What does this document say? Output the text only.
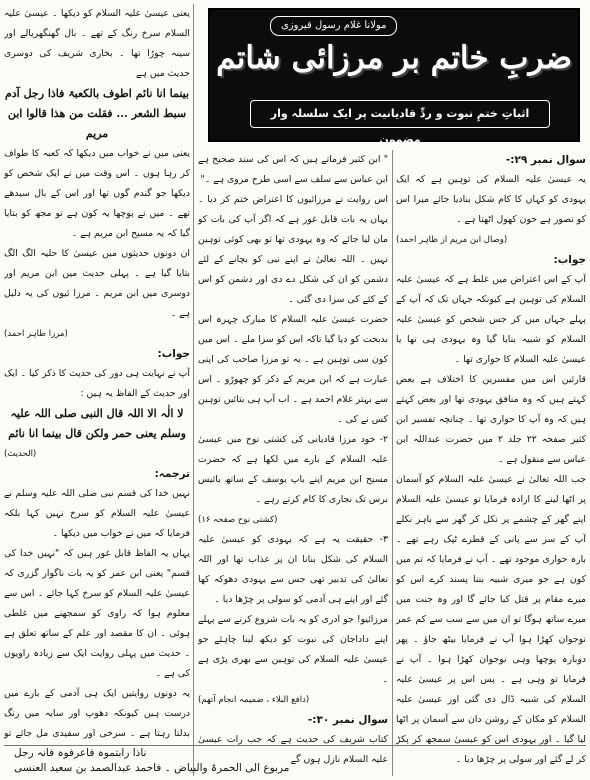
مولانا غلام رسول قیروزی
ضربِ خاتم بر مرزائی شاتم
اثباتِ ختمِ نبوت و ردِّ قادیانیت پر ایک سلسلہ وار مضمون

سوال نمبر ۲۹:-

یہ عیسیٰ علیہ السلام کی توہین ہے کہ ایک یہودی کو کہاں کا کام شکل بنادیا جائے میرا اس کو تصور ہے خون کھول اٹھتا ہے ۔

(وصال ابن مریم از ظاہر احمد)

جواب:

آپ کے اس اعتراض میں غلط ہے کہ عیسیٰ علیہ السلام کی توہین ہے کیونکہ جہاں تک کہ آپ کے پہلے جہاں میں کر جس شخص کو عیسیٰ علیہ السلام کو شبیہ بنایا گیا وہ یہودی ہی تھا یا عیسیٰ علیہ السلام کا حواری تھا ۔

قارئین اس میں مفسرین کا اختلاف ہے بعض کہتے ہیں کہ وہ منافق یہودی تھا اور بعض کہتے ہیں کہ وہ آپ کا حواری تھا ۔ چنانچہ تفسیر ابن کثیر صفحہ ۲۲ جلد ۲ میں حضرت عبداللہ ابن عباس سے منقول ہے ۔

جب اللہ تعالیٰ نے عیسیٰ علیہ السلام کو آسمان پر اٹھا لینے کا ارادہ فرمایا تو عیسیٰ علیہ السلام اپنے گھر کے چشمے پر نکل کر گھر سے باہر نکلے آپ کے سر سے پانی کے قطرے ٹپک رہے تھے ۔ بارہ حواری موجود تھے ۔ آپ نے فرمایا کہ تم میں کون ہے جو میری شبیہ بننا پسند کرے اس کو میرے مقام پر قتل کیا جائے گا اور وہ جنت میں میرے ساتھ ہوگا تو ان میں سے سب سے کم عمر نوجوان کھڑا ہوا آپ نے فرمایا بیٹھ جاؤ ۔ پھر دوبارہ پوچھا وہی نوجوان کھڑا ہوا ۔ آپ نے فرمایا تو وہی ہے ۔ پس اس پر عیسیٰ علیہ السلام کی شبیہ ڈال دی گئی اور عیسیٰ علیہ السلام کو مکان کے روشن دان سے آسمان پر اٹھا لیا گیا ۔ اور یہودی اس کو عیسیٰ سمجھ کر پکڑ کر لے گئے اور سولی پر چڑھا دیا ۔

" ابن کثیر فرماتے ہیں کہ اس کی سند صحیح ہے ابن عباس سے سلف سے اسی طرح مروی ہے ۔"

اس روایت نے مرزائیوں کا اعتراض ختم کر دیا ۔ یہاں یہ بات قابل غور ہے کہ اگر آپ کی بات کو مان لیا جائے کہ وہ یہودی تھا تو بھی کوئی توہین نہیں ۔ اللہ تعالیٰ نے اپنے نبی کو بچانے کے لئے دشمن کو ان کی شکل دے دی اور دشمن کو اس کے کئے کی سزا دی گئی ۔

حضرت عیسیٰ علیہ السلام کا مبارک چہرہ اس بدبخت کو دیا گیا تاکہ اس کو سزا ملے ۔ اس میں کون سی توہین ہے ۔ یہ تو مرزا صاحب کی اپنی عبارت ہے کہ ابن مریم کے ذکر کو چھوڑو ۔ اس سے بہتر غلام احمد ہے ۔ اب آپ ہی بتائیں توہین کس نے کی ۔

۲- خود مرزا قادیانی کی کشتی نوح میں عیسیٰ علیہ السلام کے بارے میں لکھا ہے کہ حضرت مسیح ابن مریم اپنے باپ یوسف کے ساتھ بائیس برس تک نجاری کا کام کرتے رہے ۔

(کشتی نوح صفحہ ۱۶)

۳- حقیقت یہ ہے کہ یہودی کو عیسیٰ علیہ السلام کی شکل بنانا ان پر عذاب تھا اور اللہ تعالیٰ کی تدبیر تھی جس سے یہودی دھوکہ کھا گئے اور اپنے ہی آدمی کو سولی پر چڑھا دیا ۔

مرزائیو! جو ادری کو یہ بات شروع کرنے سے پہلے اپنے داداجان کی نبوت کو دیکھ لینا چاہئے جو عیسیٰ علیہ السلام کی توہین سے بھری پڑی ہے ۔

(دافع البلاء ، ضمیمہ انجام آتھم)

سوال نمبر ۳۰:-

کتاب شریف کی حدیث ہے کہ جب رات عیسیٰ علیہ السلام نازل ہوں گے

یعنی عیسیٰ علیہ السلام کو دیکھا ۔ عیسیٰ علیہ السلام سرخ رنگ کے تھے ۔ بال گھنگھریالے اور سینہ چوڑا تھا ۔ بخاری شریف کی دوسری حدیث میں ہے

بینما انا نائم اطوف بالکعبۃ فاذا رجل آدم سبط الشعر ... فقلت من ھذا قالوا ابن مریم

یعنی میں نے خواب میں دیکھا کہ کعبہ کا طواف کر رہا ہوں ۔ اس وقت میں نے ایک شخص کو دیکھا جو گندم گوں تھا اور اس کے بال سیدھے تھے ۔ میں نے پوچھا یہ کون ہے تو مجھ کو بتایا گیا کہ یہ مسیح ابن مریم ہے ۔

ان دونوں حدیثوں میں عیسیٰ کا حلیہ الگ الگ بتایا گیا ہے ۔ پہلی حدیث میں ابن مریم اور دوسری میں ابن مریم ۔ مرزا ئیوں کی یہ دلیل ہے ۔

(مرزا طاہر احمد)

جواب:

آپ نے نہایت ہی دور کی حدیث کا ذکر کیا ۔ ایک اور حدیث کے الفاظ یہ ہیں :

لا الٰہ الا اللہ قال النبی صلی اللہ علیہ وسلم یعنی حمر ولکن قال بینما انا نائم

(الحدیث)

ترجمہ:

نہیں خدا کی قسم نبی صلی اللہ علیہ وسلم نے عیسیٰ علیہ السلام کو سرخ نہیں کہا بلکہ فرمایا کہ میں نے خواب میں دیکھا ۔

یہاں یہ الفاظ قابل غور ہیں کہ "نہیں خدا کی قسم" یعنی ابن عمر کو یہ بات ناگوار گزری کہ عیسیٰ علیہ السلام کو سرخ کہا جائے ۔ اس سے معلوم ہوا کہ راوی کو سمجھنے میں غلطی ہوئی ۔ ان کا مقصد اور علم کے ساتھ تعلق ہے ۔ حدیث میں پہلی روایت ایک سے زیادہ راویوں کی ہے ۔

یہ دونوں روایتیں ایک ہی آدمی کے بارے میں درست ہیں کیونکہ دھوپ اور سایہ میں رنگ بدلتا رہتا ہے ۔ سرخی اور سفیدی مل جائے تو

ناذا رابتموہ فاعرفوہ فانہ رجل
مربوع الی الحمرۃ والبیاض ۔ فاحمد عبدالصمد بن سعید العنسی
